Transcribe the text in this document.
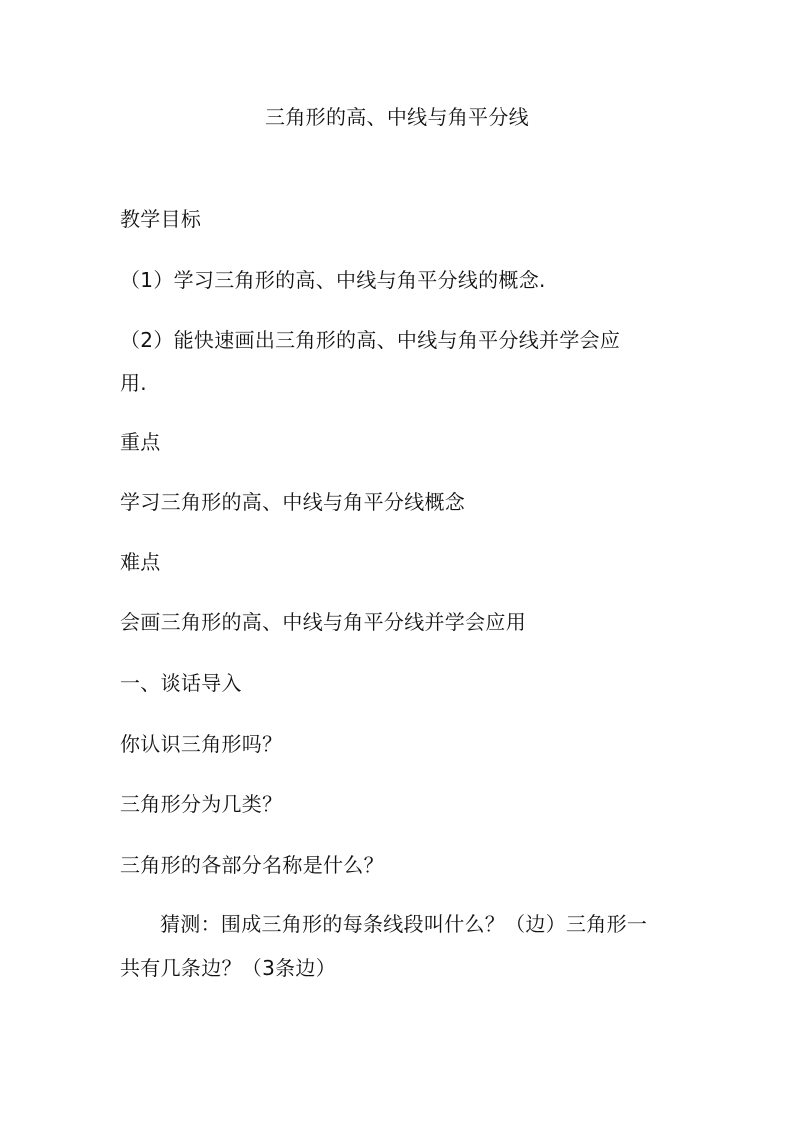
三角形的高、中线与角平分线

教学目标

（1）学习三角形的高、中线与角平分线的概念.

（2）能快速画出三角形的高、中线与角平分线并学会应

用.

重点

学习三角形的高、中线与角平分线概念

难点

会画三角形的高、中线与角平分线并学会应用

一、谈话导入

你认识三角形吗？

三角形分为几类？

三角形的各部分名称是什么？

猜测：围成三角形的每条线段叫什么？（边）三角形一

共有几条边？（3条边）
